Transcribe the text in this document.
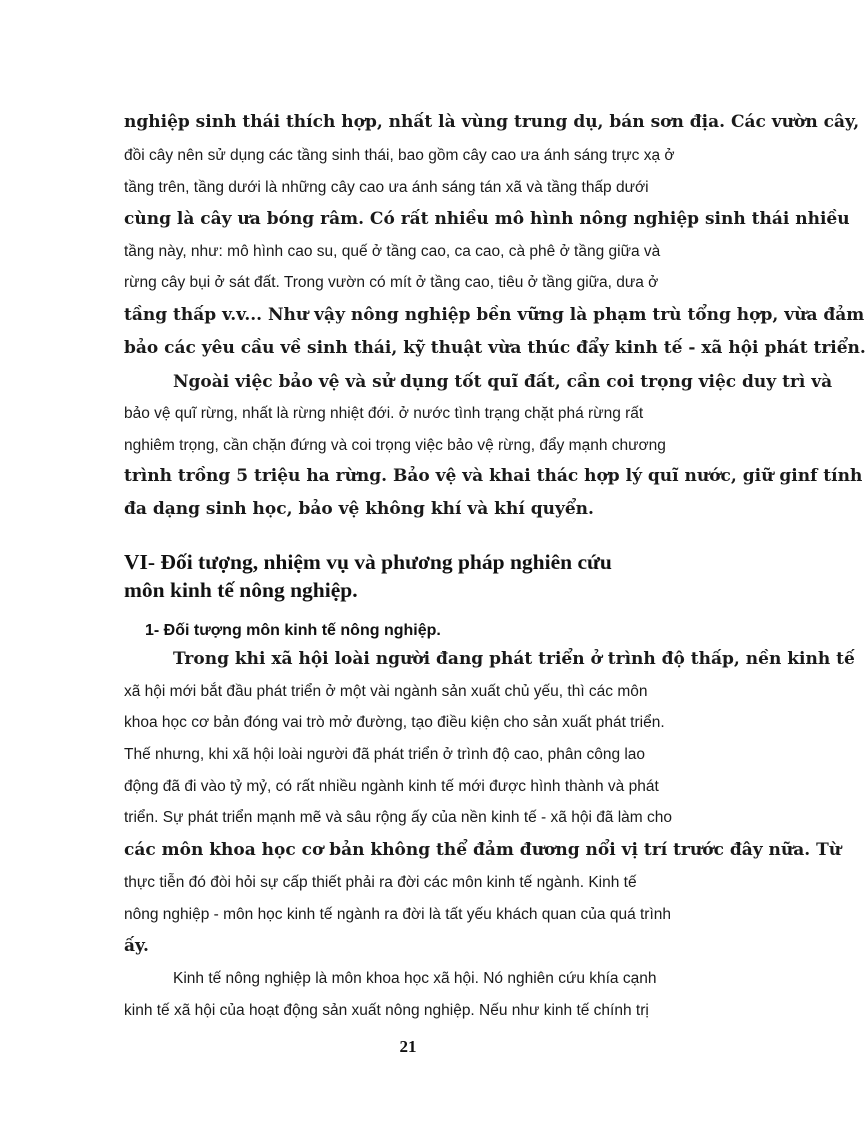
nghiệp sinh thái thích hợp, nhất là vùng trung dụ, bán sơn địa. Các vườn cây,
đồi cây nên sử dụng các tầng sinh thái, bao gồm cây cao ưa ánh sáng trực xạ ở
tầng trên, tầng dưới là những cây cao ưa ánh sáng tán xã và tầng thấp dưới
cùng là cây ưa bóng râm. Có rất nhiều mô hình nông nghiệp sinh thái nhiều
tầng này, như: mô hình cao su, quế ở tầng cao, ca cao, cà phê ở tầng giữa và
rừng cây bụi ở sát đất. Trong vườn có mít ở tầng cao, tiêu ở tầng giữa, dưa ở
tầng thấp v.v... Như vậy nông nghiệp bền vững là phạm trù tổng hợp, vừa đảm
bảo các yêu cầu về sinh thái, kỹ thuật vừa thúc đẩy kinh tế - xã hội phát triển.
Ngoài việc bảo vệ và sử dụng tốt quĩ đất, cần coi trọng việc duy trì và
bảo vệ quĩ rừng, nhất là rừng nhiệt đới. ở nước tình trạng chặt phá rừng rất
nghiêm trọng, cần chặn đứng và coi trọng việc bảo vệ rừng, đẩy mạnh chương
trình trồng 5 triệu ha rừng. Bảo vệ và khai thác hợp lý quĩ nước, giữ ginf tính
đa dạng sinh học, bảo vệ không khí và khí quyển.
VI- Đối tượng, nhiệm vụ và phương pháp nghiên cứu
môn kinh tế nông nghiệp.
1- Đối tượng môn kinh tế nông nghiệp.
Trong khi xã hội loài người đang phát triển ở trình độ thấp, nền kinh tế
xã hội mới bắt đầu phát triển ở một vài ngành sản xuất chủ yếu, thì các môn
khoa học cơ bản đóng vai trò mở đường, tạo điều kiện cho sản xuất phát triển.
Thế nhưng, khi xã hội loài người đã phát triển ở trình độ cao, phân công lao
động đã đi vào tỷ mỷ, có rất nhiều ngành kinh tế mới được hình thành và phát
triển. Sự phát triển mạnh mẽ và sâu rộng ấy của nền kinh tế - xã hội đã làm cho
các môn khoa học cơ bản không thể đảm đương nổi vị trí trước đây nữa. Từ
thực tiễn đó đòi hỏi sự cấp thiết phải ra đời các môn kinh tế ngành. Kinh tế
nông nghiệp - môn học kinh tế ngành ra đời là tất yếu khách quan của quá trình
ấy.
Kinh tế nông nghiệp là môn khoa học xã hội. Nó nghiên cứu khía cạnh
kinh tế xã hội của hoạt động sản xuất nông nghiệp. Nếu như kinh tế chính trị
21
